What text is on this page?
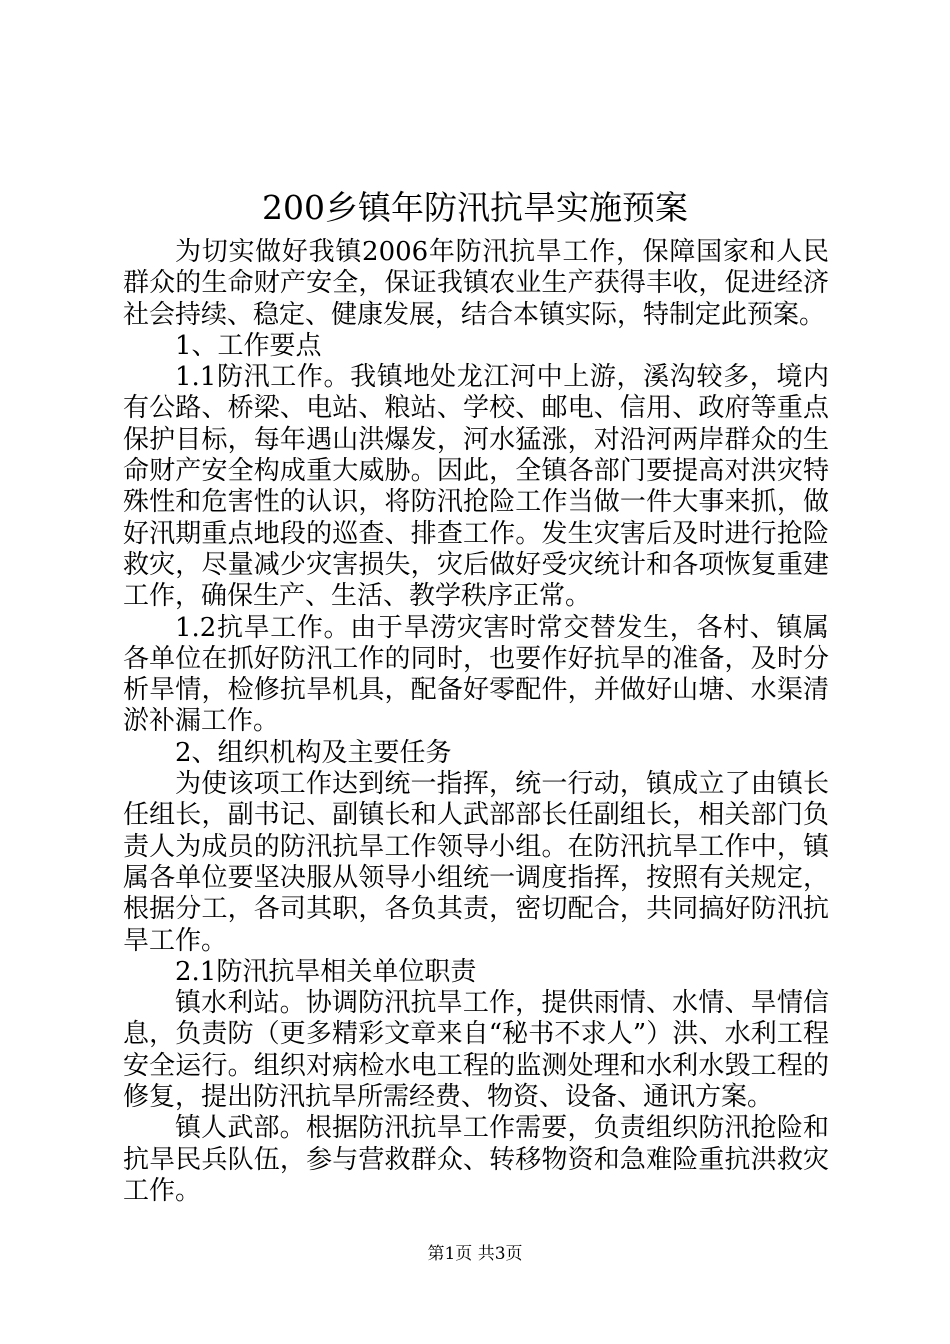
200乡镇年防汛抗旱实施预案

为切实做好我镇2006年防汛抗旱工作，保障国家和人民群众的生命财产安全，保证我镇农业生产获得丰收，促进经济社会持续、稳定、健康发展，结合本镇实际，特制定此预案。

1、工作要点

1.1防汛工作。我镇地处龙江河中上游，溪沟较多，境内有公路、桥梁、电站、粮站、学校、邮电、信用、政府等重点保护目标，每年遇山洪爆发，河水猛涨，对沿河两岸群众的生命财产安全构成重大威胁。因此，全镇各部门要提高对洪灾特殊性和危害性的认识，将防汛抢险工作当做一件大事来抓，做好汛期重点地段的巡查、排查工作。发生灾害后及时进行抢险救灾，尽量减少灾害损失，灾后做好受灾统计和各项恢复重建工作，确保生产、生活、教学秩序正常。

1.2抗旱工作。由于旱涝灾害时常交替发生，各村、镇属各单位在抓好防汛工作的同时，也要作好抗旱的准备，及时分析旱情，检修抗旱机具，配备好零配件，并做好山塘、水渠清淤补漏工作。

2、组织机构及主要任务

为使该项工作达到统一指挥，统一行动，镇成立了由镇长任组长，副书记、副镇长和人武部部长任副组长，相关部门负责人为成员的防汛抗旱工作领导小组。在防汛抗旱工作中，镇属各单位要坚决服从领导小组统一调度指挥，按照有关规定，根据分工，各司其职，各负其责，密切配合，共同搞好防汛抗旱工作。

2.1防汛抗旱相关单位职责

镇水利站。协调防汛抗旱工作，提供雨情、水情、旱情信息，负责防（更多精彩文章来自“秘书不求人”）洪、水利工程安全运行。组织对病检水电工程的监测处理和水利水毁工程的修复，提出防汛抗旱所需经费、物资、设备、通讯方案。

镇人武部。根据防汛抗旱工作需要，负责组织防汛抢险和抗旱民兵队伍，参与营救群众、转移物资和急难险重抗洪救灾工作。

第1页 共3页
